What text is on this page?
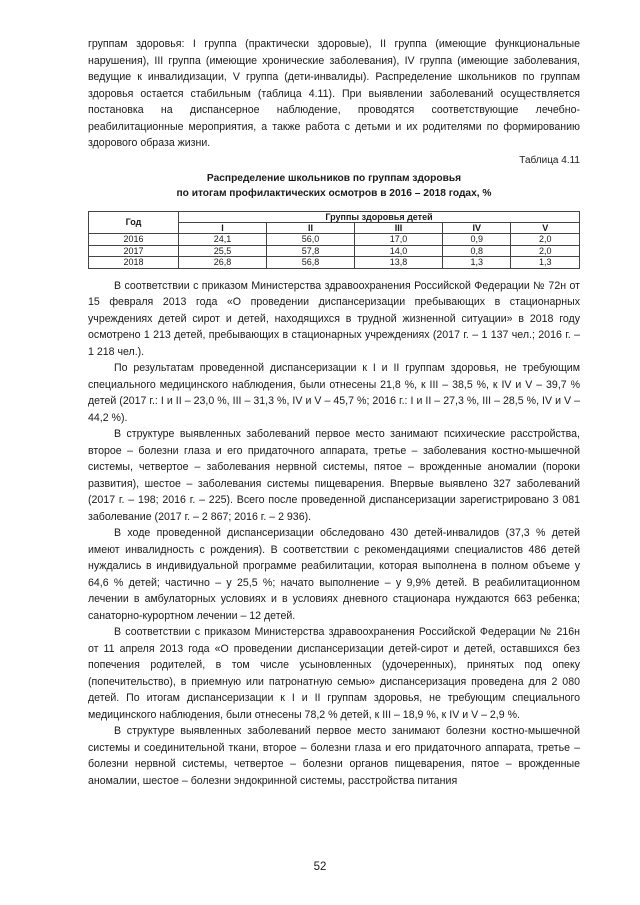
группам здоровья: I группа (практически здоровые), II группа (имеющие функциональные нарушения), III группа (имеющие хронические заболевания), IV группа (имеющие заболевания, ведущие к инвалидизации, V группа (дети-инвалиды). Распределение школьников по группам здоровья остается стабильным (таблица 4.11). При выявлении заболеваний осуществляется постановка на диспансерное наблюдение, проводятся соответствующие лечебно-реабилитационные мероприятия, а также работа с детьми и их родителями по формированию здорового образа жизни.

Таблица 4.11
Распределение школьников по группам здоровья
по итогам профилактических осмотров в 2016 – 2018 годах, %
Год	Группы здоровья детей				
	I	II	III	IV	V
2016	24,1	56,0	17,0	0,9	2,0
2017	25,5	57,8	14,0	0,8	2,0
2018	26,8	56,8	13,8	1,3	1,3

В соответствии с приказом Министерства здравоохранения Российской Федерации № 72н от 15 февраля 2013 года «О проведении диспансеризации пребывающих в стационарных учреждениях детей сирот и детей, находящихся в трудной жизненной ситуации» в 2018 году осмотрено 1 213 детей, пребывающих в стационарных учреждениях (2017 г. – 1 137 чел.; 2016 г. – 1 218 чел.).

По результатам проведенной диспансеризации к I и II группам здоровья, не требующим специального медицинского наблюдения, были отнесены 21,8 %, к III – 38,5 %, к IV и V – 39,7 % детей (2017 г.: I и II – 23,0 %, III – 31,3 %, IV и V – 45,7 %; 2016 г.: I и II – 27,3 %, III – 28,5 %, IV и V – 44,2 %).

В структуре выявленных заболеваний первое место занимают психические расстройства, второе – болезни глаза и его придаточного аппарата, третье – заболевания костно-мышечной системы, четвертое – заболевания нервной системы, пятое – врожденные аномалии (пороки развития), шестое – заболевания системы пищеварения. Впервые выявлено 327 заболеваний (2017 г. – 198; 2016 г. – 225). Всего после проведенной диспансеризации зарегистрировано 3 081 заболевание (2017 г. – 2 867; 2016 г. – 2 936).

В ходе проведенной диспансеризации обследовано 430 детей-инвалидов (37,3 % детей имеют инвалидность с рождения). В соответствии с рекомендациями специалистов 486 детей нуждались в индивидуальной программе реабилитации, которая выполнена в полном объеме у 64,6 % детей; частично – у 25,5 %; начато выполнение – у 9,9% детей. В реабилитационном лечении в амбулаторных условиях и в условиях дневного стационара нуждаются 663 ребенка; санаторно-курортном лечении – 12 детей.

В соответствии с приказом Министерства здравоохранения Российской Федерации № 216н от 11 апреля 2013 года «О проведении диспансеризации детей-сирот и детей, оставшихся без попечения родителей, в том числе усыновленных (удочеренных), принятых под опеку (попечительство), в приемную или патронатную семью» диспансеризация проведена для 2 080 детей. По итогам диспансеризации к I и II группам здоровья, не требующим специального медицинского наблюдения, были отнесены 78,2 % детей, к III – 18,9 %, к IV и V – 2,9 %.

В структуре выявленных заболеваний первое место занимают болезни костно-мышечной системы и соединительной ткани, второе – болезни глаза и его придаточного аппарата, третье – болезни нервной системы, четвертое – болезни органов пищеварения, пятое – врожденные аномалии, шестое – болезни эндокринной системы, расстройства питания

52
